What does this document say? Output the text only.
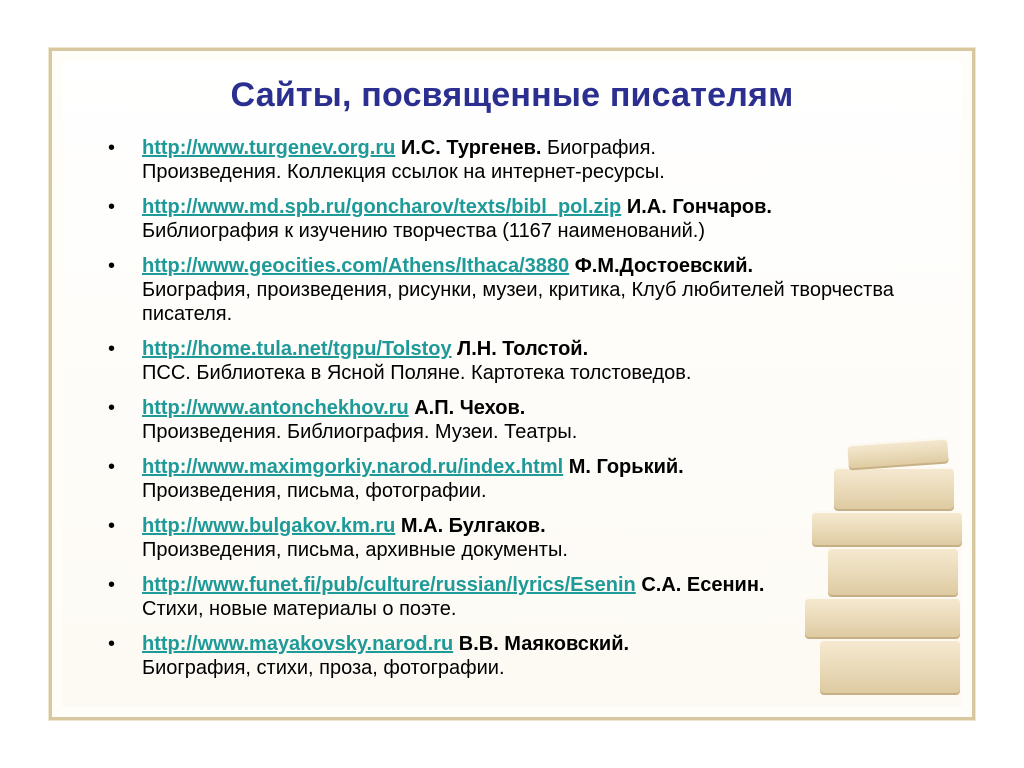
Сайты, посвященные писателям
•	http://www.turgenev.org.ru И.С. Тургенев. Биография.
Произведения. Коллекция ссылок на интернет-ресурсы.
•	http://www.md.spb.ru/goncharov/texts/bibl_pol.zip И.А. Гончаров.
Библиография к изучению творчества (1167 наименований.)
•	http://www.geocities.com/Athens/Ithaca/3880 Ф.М.Достоевский.
Биография, произведения, рисунки, музеи, критика, Клуб любителей творчества писателя.
•	http://home.tula.net/tgpu/Tolstoy Л.Н. Толстой.
ПСС. Библиотека в Ясной Поляне. Картотека толстоведов.
•	http://www.antonchekhov.ru А.П. Чехов.
Произведения. Библиография. Музеи. Театры.
•	http://www.maximgorkiy.narod.ru/index.html М. Горький.
Произведения, письма, фотографии.
•	http://www.bulgakov.km.ru М.А. Булгаков.
Произведения, письма, архивные документы.
•	http://www.funet.fi/pub/culture/russian/lyrics/Esenin С.А. Есенин.
Стихи, новые материалы о поэте.
•	http://www.mayakovsky.narod.ru В.В. Маяковский.
Биография, стихи, проза, фотографии.
